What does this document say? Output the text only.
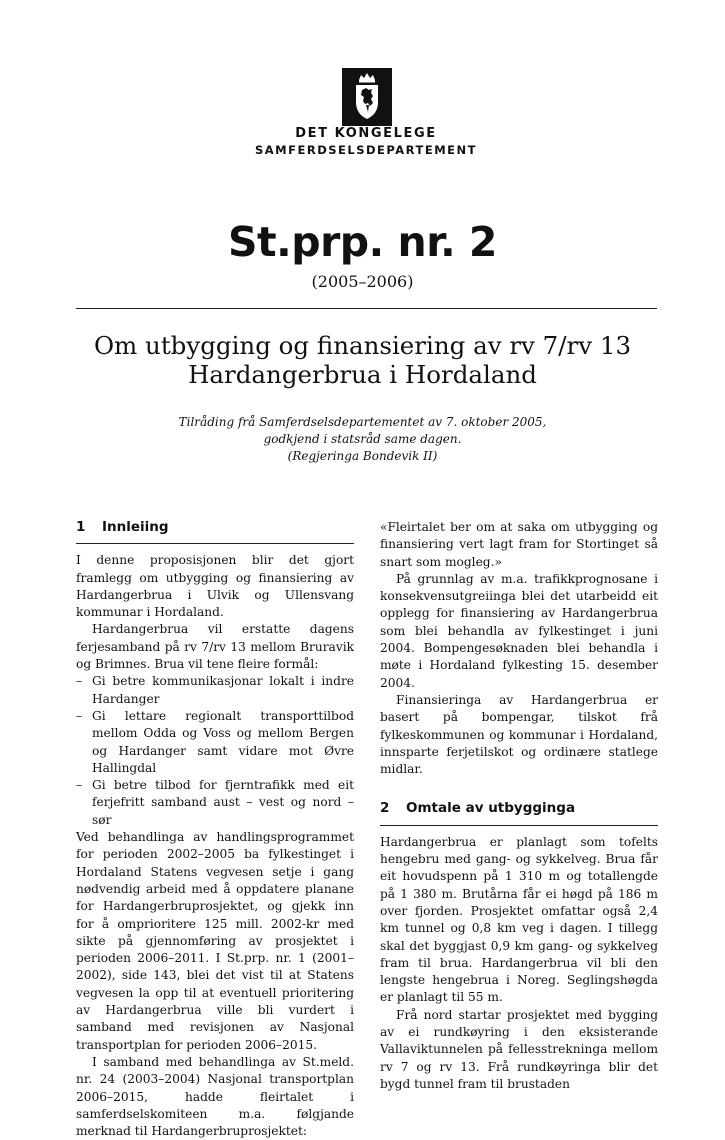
DET KONGELEGE
SAMFERDSELSDEPARTEMENT
St.prp. nr. 2
(2005–2006)
Om utbygging og finansiering av rv 7/rv 13
Hardangerbrua i Hordaland
Tilråding frå Samferdselsdepartementet av 7. oktober 2005,
godkjend i statsråd same dagen.
(Regjeringa Bondevik II)
1 Innleiing

I denne proposisjonen blir det gjort framlegg om utbygging og finansiering av Hardangerbrua i Ulvik og Ullensvang kommunar i Hordaland.

Hardangerbrua vil erstatte dagens ferjesamband på rv 7/rv 13 mellom Bruravik og Brimnes. Brua vil tene fleire formål:

– Gi betre kommunikasjonar lokalt i indre Hardanger
– Gi lettare regionalt transporttilbod mellom Odda og Voss og mellom Bergen og Hardanger samt vidare mot Øvre Hallingdal
– Gi betre tilbod for fjerntrafikk med eit ferjefritt samband aust – vest og nord – sør

Ved behandlinga av handlingsprogrammet for perioden 2002–2005 ba fylkestinget i Hordaland Statens vegvesen setje i gang nødvendig arbeid med å oppdatere planane for Hardangerbruprosjektet, og gjekk inn for å omprioritere 125 mill. 2002-kr med sikte på gjennomføring av prosjektet i perioden 2006–2011. I St.prp. nr. 1 (2001–2002), side 143, blei det vist til at Statens vegvesen la opp til at eventuell prioritering av Hardangerbrua ville bli vurdert i samband med revisjonen av Nasjonal transportplan for perioden 2006–2015.

I samband med behandlinga av St.meld. nr. 24 (2003–2004) Nasjonal transportplan 2006–2015, hadde fleirtalet i samferdselskomiteen m.a. følgjande merknad til Hardangerbruprosjektet:

«Fleirtalet ber om at saka om utbygging og finansiering vert lagt fram for Stortinget så snart som mogleg.»

På grunnlag av m.a. trafikkprognosane i konsekvensutgreiinga blei det utarbeidd eit opplegg for finansiering av Hardangerbrua som blei behandla av fylkestinget i juni 2004. Bompengesøknaden blei behandla i møte i Hordaland fylkesting 15. desember 2004.

Finansieringa av Hardangerbrua er basert på bompengar, tilskot frå fylkeskommunen og kommunar i Hordaland, innsparte ferjetilskot og ordinære statlege midlar.

2 Omtale av utbygginga

Hardangerbrua er planlagt som tofelts hengebru med gang- og sykkelveg. Brua får eit hovudspenn på 1 310 m og totallengde på 1 380 m. Brutårna får ei høgd på 186 m over fjorden. Prosjektet omfattar også 2,4 km tunnel og 0,8 km veg i dagen. I tillegg skal det byggjast 0,9 km gang- og sykkelveg fram til brua. Hardangerbrua vil bli den lengste hengebrua i Noreg. Seglingshøgda er planlagt til 55 m.

Frå nord startar prosjektet med bygging av ei rundkøyring i den eksisterande Vallaviktunnelen på fellesstrekninga mellom rv 7 og rv 13. Frå rundkøyringa blir det bygd tunnel fram til brustaden
